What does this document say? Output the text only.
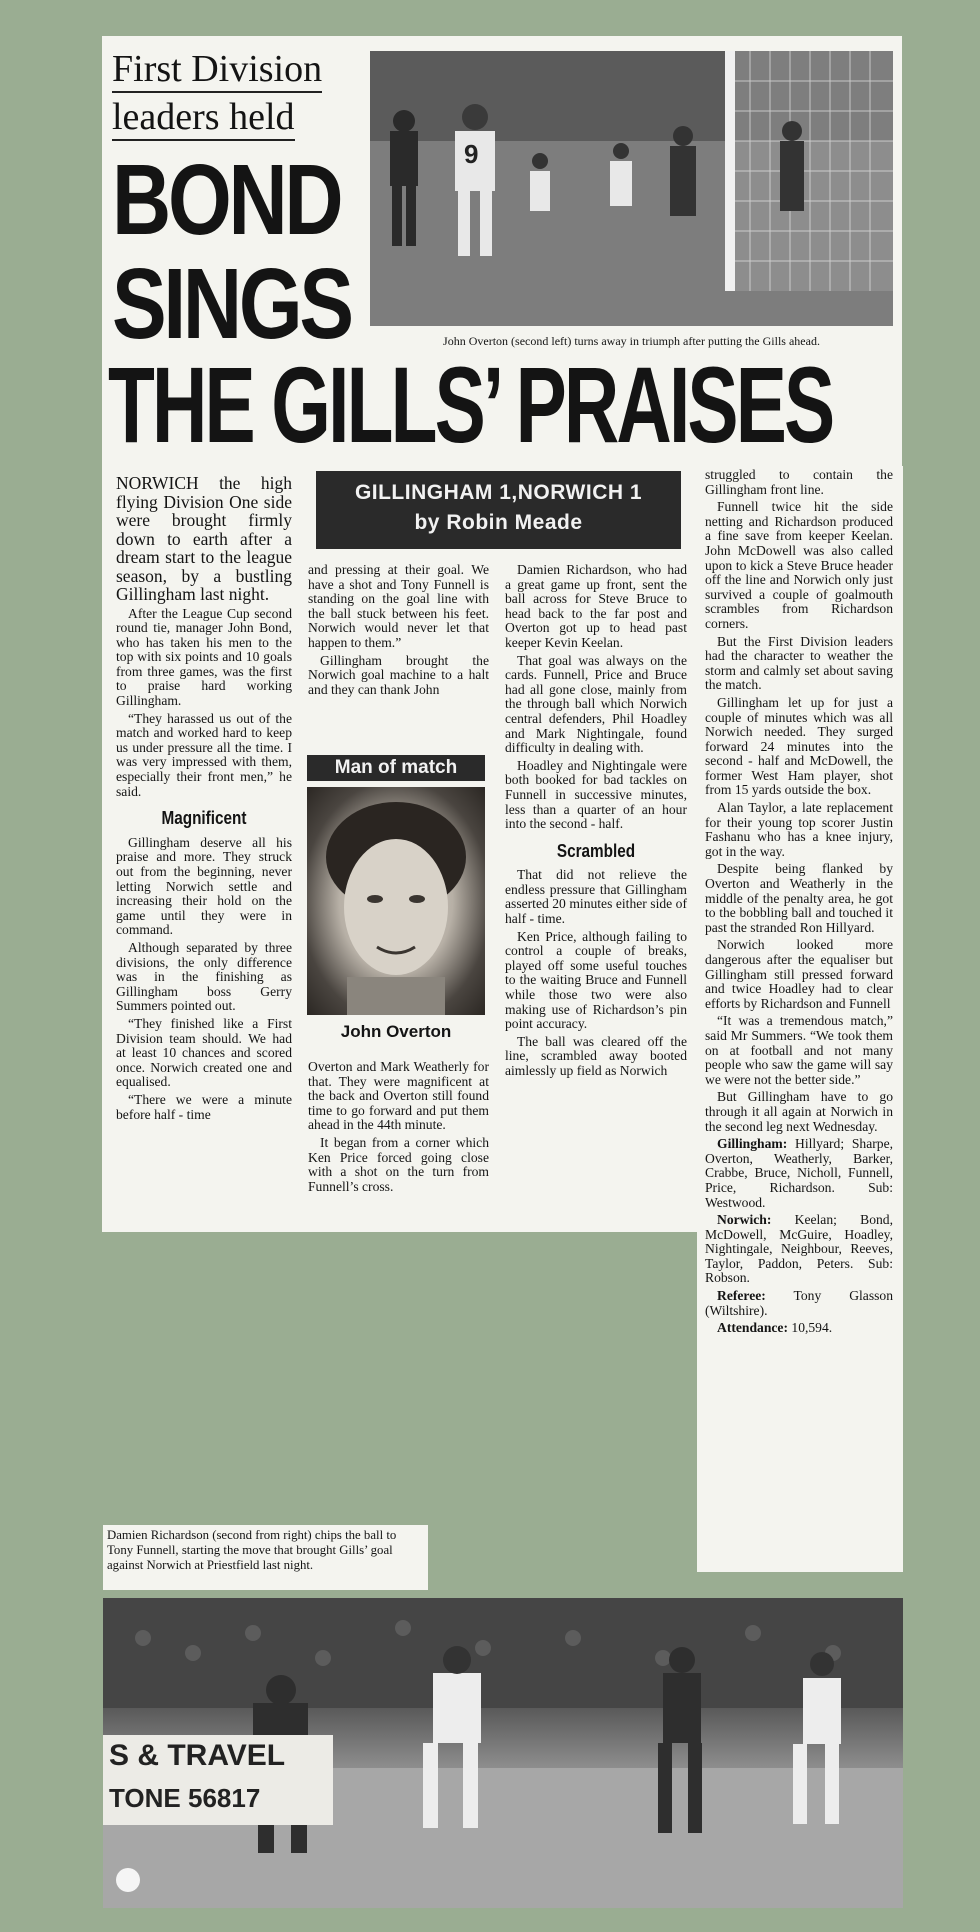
First Division
leaders held
BOND
SINGS
THE GILLS’ PRAISES
9
John Overton (second left) turns away in triumph after putting the Gills ahead.
GILLINGHAM 1,NORWICH 1
by Robin Meade

NORWICH the high flying Division One side were brought firmly down to earth after a dream start to the league season, by a bustling Gillingham last night.

After the League Cup second round tie, manager John Bond, who has taken his men to the top with six points and 10 goals from three games, was the first to praise hard working Gillingham.

“They harassed us out of the match and worked hard to keep us under pressure all the time. I was very impressed with them, especially their front men,” he said.

Magnificent

Gillingham deserve all his praise and more. They struck out from the beginning, never letting Norwich settle and increasing their hold on the game until they were in command.

Although separated by three divisions, the only difference was in the finishing as Gillingham boss Gerry Summers pointed out.

“They finished like a First Division team should. We had at least 10 chances and scored once. Norwich created one and equalised.

“There we were a minute before half - time

and pressing at their goal. We have a shot and Tony Funnell is standing on the goal line with the ball stuck between his feet. Norwich would never let that happen to them.”

Gillingham brought the Norwich goal machine to a halt and they can thank John

Man of match
John Overton

Overton and Mark Weatherly for that. They were magnificent at the back and Overton still found time to go forward and put them ahead in the 44th minute.

It began from a corner which Ken Price forced going close with a shot on the turn from Funnell’s cross.

Damien Richardson, who had a great game up front, sent the ball across for Steve Bruce to head back to the far post and Overton got up to head past keeper Kevin Keelan.

That goal was always on the cards. Funnell, Price and Bruce had all gone close, mainly from the through ball which Norwich central defenders, Phil Hoadley and Mark Nightingale, found difficulty in dealing with.

Hoadley and Nightingale were both booked for bad tackles on Funnell in successive minutes, less than a quarter of an hour into the second - half.

Scrambled

That did not relieve the endless pressure that Gillingham asserted 20 minutes either side of half - time.

Ken Price, although failing to control a couple of breaks, played off some useful touches to the waiting Bruce and Funnell while those two were also making use of Richardson’s pin point accuracy.

The ball was cleared off the line, scrambled away booted aimlessly up field as Norwich

struggled to contain the Gillingham front line.

Funnell twice hit the side netting and Richardson produced a fine save from keeper Keelan. John McDowell was also called upon to kick a Steve Bruce header off the line and Norwich only just survived a couple of goalmouth scrambles from Richardson corners.

But the First Division leaders had the character to weather the storm and calmly set about saving the match.

Gillingham let up for just a couple of minutes which was all Norwich needed. They surged forward 24 minutes into the second - half and McDowell, the former West Ham player, shot from 15 yards outside the box.

Alan Taylor, a late replacement for their young top scorer Justin Fashanu who has a knee injury, got in the way.

Despite being flanked by Overton and Weatherly in the middle of the penalty area, he got to the bobbling ball and touched it past the stranded Ron Hillyard.

Norwich looked more dangerous after the equaliser but Gillingham still pressed forward and twice Hoadley had to clear efforts by Richardson and Funnell

“It was a tremendous match,” said Mr Summers. “We took them on at football and not many people who saw the game will say we were not the better side.”

But Gillingham have to go through it all again at Norwich in the second leg next Wednesday.

Gillingham: Hillyard; Sharpe, Overton, Weatherly, Barker, Crabbe, Bruce, Nicholl, Funnell, Price, Richardson. Sub: Westwood.

Norwich: Keelan; Bond, McDowell, McGuire, Hoadley, Nightingale, Neighbour, Reeves, Taylor, Paddon, Peters. Sub: Robson.

Referee: Tony Glasson (Wiltshire).

Attendance: 10,594.

Damien Richardson (second from right) chips the ball to Tony Funnell, starting the move that brought Gills’ goal against Norwich at Priestfield last night.
S & TRAVEL
TONE 56817
